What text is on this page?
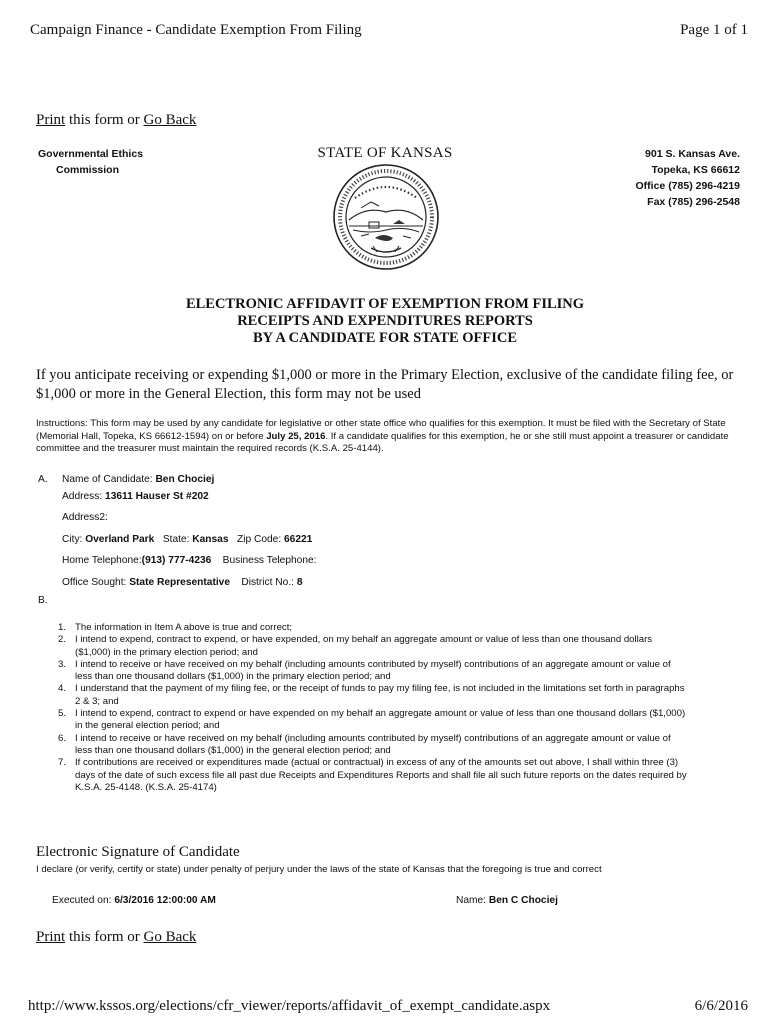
Campaign Finance - Candidate Exemption From Filing	Page 1 of 1
Print this form or Go Back
Governmental Ethics
Commission
STATE OF KANSAS	901 S. Kansas Ave.
Topeka, KS 66612
Office (785) 296-4219
Fax (785) 296-2548
ELECTRONIC AFFIDAVIT OF EXEMPTION FROM FILING
RECEIPTS AND EXPENDITURES REPORTS
BY A CANDIDATE FOR STATE OFFICE
If you anticipate receiving or expending $1,000 or more in the Primary Election, exclusive of the candidate filing fee, or $1,000 or more in the General Election, this form may not be used
Instructions: This form may be used by any candidate for legislative or other state office who qualifies for this exemption. It must be filed with the Secretary of State (Memorial Hall, Topeka, KS 66612-1594) on or before July 25, 2016. If a candidate qualifies for this exemption, he or she still must appoint a treasurer or candidate committee and the treasurer must maintain the required records (K.S.A. 25-4144).
A. Name of Candidate: Ben Chociej
Address: 13611 Hauser St #202
Address2:
City: Overland Park State: Kansas Zip Code: 66221
Home Telephone:(913) 777-4236 Business Telephone:
Office Sought: State Representative District No.: 8
B.
1. The information in Item A above is true and correct;
2. I intend to expend, contract to expend, or have expended, on my behalf an aggregate amount or value of less than one thousand dollars ($1,000) in the primary election period; and
3. I intend to receive or have received on my behalf (including amounts contributed by myself) contributions of an aggregate amount or value of less than one thousand dollars ($1,000) in the primary election period; and
4. I understand that the payment of my filing fee, or the receipt of funds to pay my filing fee, is not included in the limitations set forth in paragraphs 2 & 3; and
5. I intend to expend, contract to expend or have expended on my behalf an aggregate amount or value of less than one thousand dollars ($1,000) in the general election period; and
6. I intend to receive or have received on my behalf (including amounts contributed by myself) contributions of an aggregate amount or value of less than one thousand dollars ($1,000) in the general election period; and
7. If contributions are received or expenditures made (actual or contractual) in excess of any of the amounts set out above, I shall within three (3) days of the date of such excess file all past due Receipts and Expenditures Reports and shall file all such future reports on the dates required by K.S.A. 25-4148. (K.S.A. 25-4174)
Electronic Signature of Candidate
I declare (or verify, certify or state) under penalty of perjury under the laws of the state of Kansas that the foregoing is true and correct
Executed on: 6/3/2016 12:00:00 AM	Name: Ben C Chociej
Print this form or Go Back
http://www.kssos.org/elections/cfr_viewer/reports/affidavit_of_exempt_candidate.aspx	6/6/2016
